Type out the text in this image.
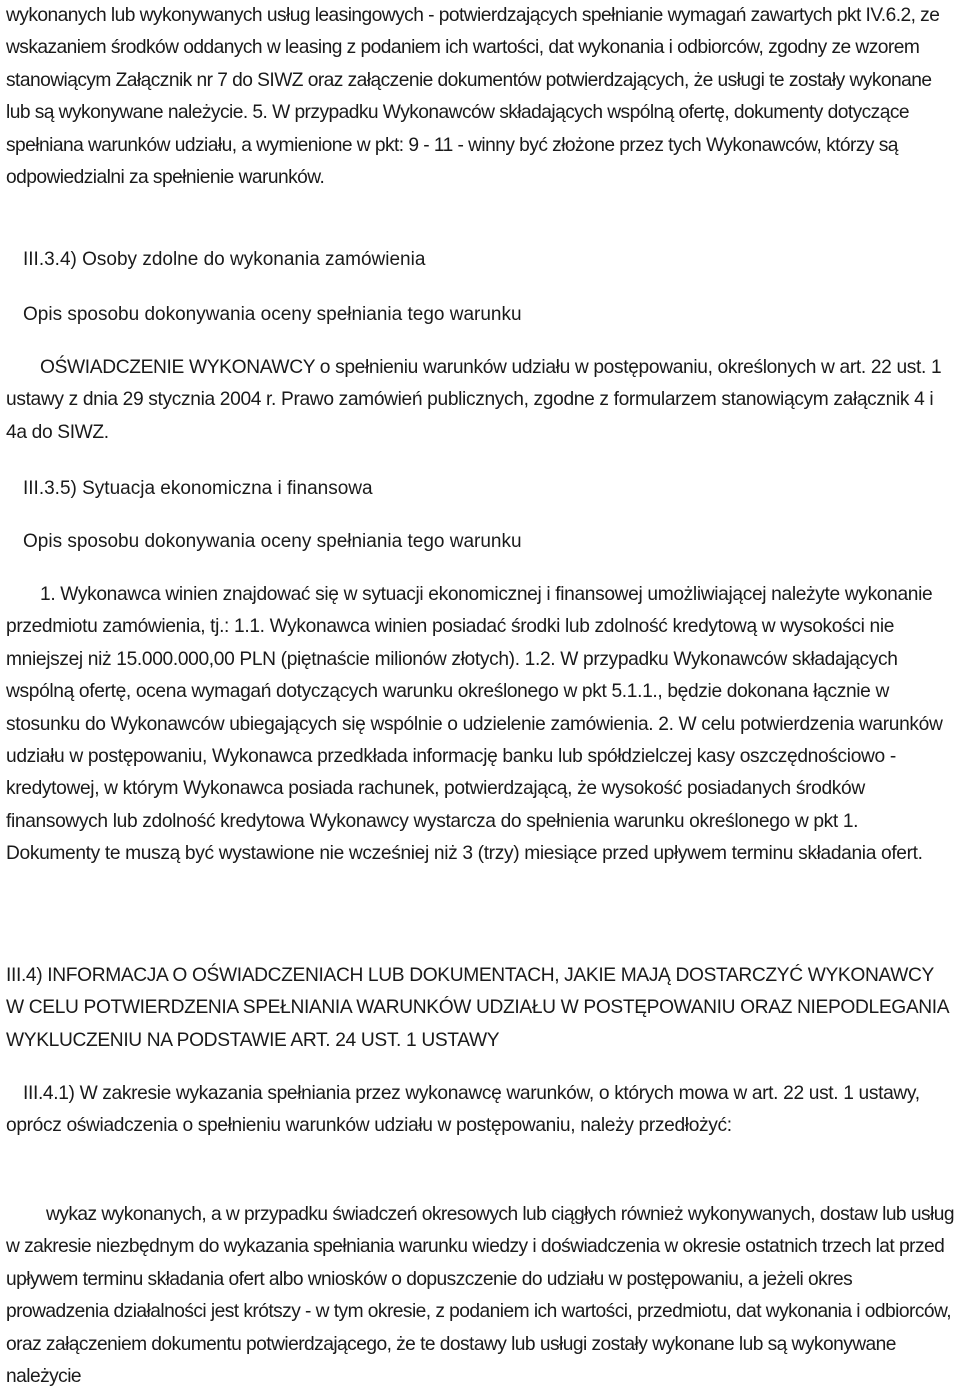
wykonanych lub wykonywanych usług leasingowych - potwierdzających spełnianie wymagań zawartych pkt IV.6.2, ze wskazaniem środków oddanych w leasing z podaniem ich wartości, dat wykonania i odbiorców, zgodny ze wzorem stanowiącym Załącznik nr 7 do SIWZ oraz załączenie dokumentów potwierdzających, że usługi te zostały wykonane lub są wykonywane należycie. 5. W przypadku Wykonawców składających wspólną ofertę, dokumenty dotyczące spełniana warunków udziału, a wymienione w pkt: 9 - 11 - winny być złożone przez tych Wykonawców, którzy są odpowiedzialni za spełnienie warunków.

III.3.4) Osoby zdolne do wykonania zamówienia

Opis sposobu dokonywania oceny spełniania tego warunku

OŚWIADCZENIE WYKONAWCY o spełnieniu warunków udziału w postępowaniu, określonych w art. 22 ust. 1 ustawy z dnia 29 stycznia 2004 r. Prawo zamówień publicznych, zgodne z formularzem stanowiącym załącznik 4 i 4a do SIWZ.

III.3.5) Sytuacja ekonomiczna i finansowa

Opis sposobu dokonywania oceny spełniania tego warunku

1. Wykonawca winien znajdować się w sytuacji ekonomicznej i finansowej umożliwiającej należyte wykonanie przedmiotu zamówienia, tj.: 1.1. Wykonawca winien posiadać środki lub zdolność kredytową w wysokości nie mniejszej niż 15.000.000,00 PLN (piętnaście milionów złotych). 1.2. W przypadku Wykonawców składających wspólną ofertę, ocena wymagań dotyczących warunku określonego w pkt 5.1.1., będzie dokonana łącznie w stosunku do Wykonawców ubiegających się wspólnie o udzielenie zamówienia. 2. W celu potwierdzenia warunków udziału w postępowaniu, Wykonawca przedkłada informację banku lub spółdzielczej kasy oszczędnościowo - kredytowej, w którym Wykonawca posiada rachunek, potwierdzającą, że wysokość posiadanych środków finansowych lub zdolność kredytowa Wykonawcy wystarcza do spełnienia warunku określonego w pkt 1. Dokumenty te muszą być wystawione nie wcześniej niż 3 (trzy) miesiące przed upływem terminu składania ofert.

III.4) INFORMACJA O OŚWIADCZENIACH LUB DOKUMENTACH, JAKIE MAJĄ DOSTARCZYĆ WYKONAWCY W CELU POTWIERDZENIA SPEŁNIANIA WARUNKÓW UDZIAŁU W POSTĘPOWANIU ORAZ NIEPODLEGANIA WYKLUCZENIU NA PODSTAWIE ART. 24 UST. 1 USTAWY

III.4.1) W zakresie wykazania spełniania przez wykonawcę warunków, o których mowa w art. 22 ust. 1 ustawy, oprócz oświadczenia o spełnieniu warunków udziału w postępowaniu, należy przedłożyć:

wykaz wykonanych, a w przypadku świadczeń okresowych lub ciągłych również wykonywanych, dostaw lub usług w zakresie niezbędnym do wykazania spełniania warunku wiedzy i doświadczenia w okresie ostatnich trzech lat przed upływem terminu składania ofert albo wniosków o dopuszczenie do udziału w postępowaniu, a jeżeli okres prowadzenia działalności jest krótszy - w tym okresie, z podaniem ich wartości, przedmiotu, dat wykonania i odbiorców, oraz załączeniem dokumentu potwierdzającego, że te dostawy lub usługi zostały wykonane lub są wykonywane należycie
